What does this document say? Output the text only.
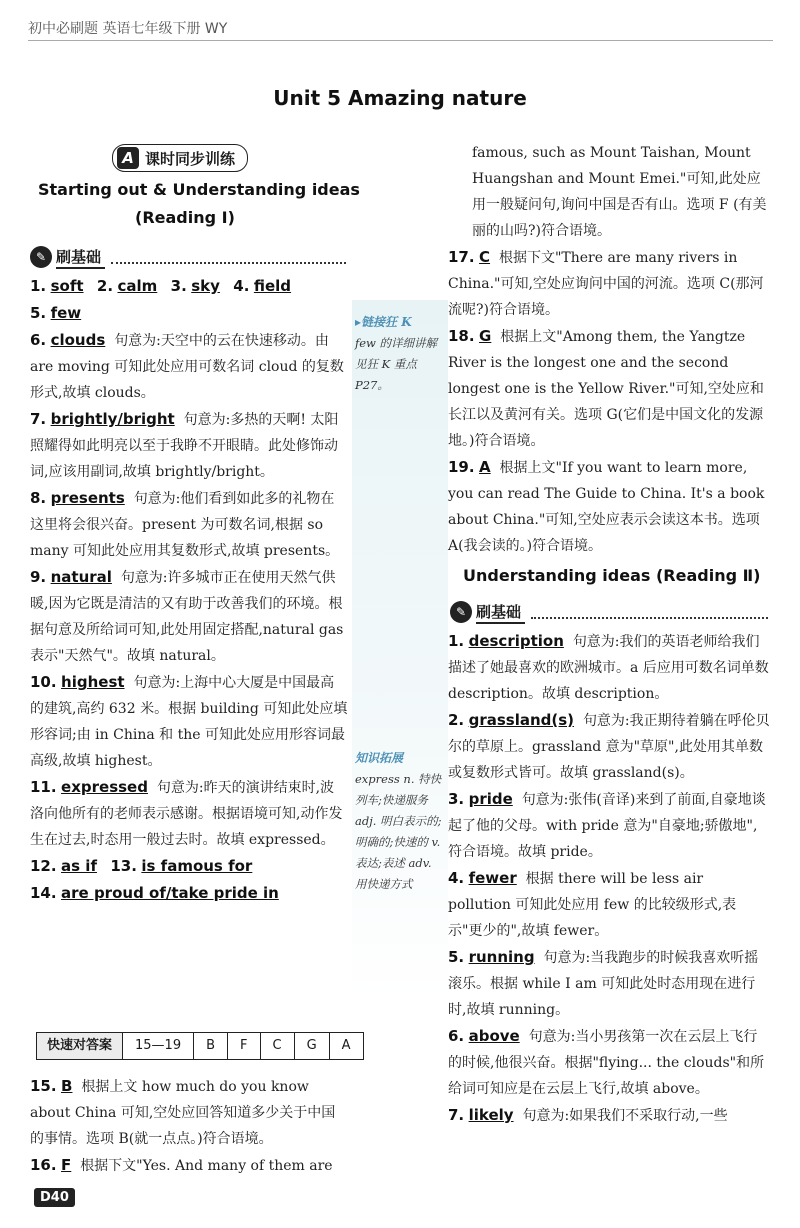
初中必刷题 英语七年级下册 WY
Unit 5 Amazing nature
A 课时同步训练
Starting out & Understanding ideas
(Reading Ⅰ)
✎ 刷基础

1. soft 2. calm 3. sky 4. field

5. few

6. clouds 句意为:天空中的云在快速移动。由 are moving 可知此处应用可数名词 cloud 的复数形式,故填 clouds。

7. brightly/bright 句意为:多热的天啊! 太阳照耀得如此明亮以至于我睁不开眼睛。此处修饰动词,应该用副词,故填 brightly/bright。

8. presents 句意为:他们看到如此多的礼物在这里将会很兴奋。present 为可数名词,根据 so many 可知此处应用其复数形式,故填 presents。

9. natural 句意为:许多城市正在使用天然气供暖,因为它既是清洁的又有助于改善我们的环境。根据句意及所给词可知,此处用固定搭配,natural gas 表示"天然气"。故填 natural。

10. highest 句意为:上海中心大厦是中国最高的建筑,高约 632 米。根据 building 可知此处应填形容词;由 in China 和 the 可知此处应用形容词最高级,故填 highest。

11. expressed 句意为:昨天的演讲结束时,波洛向他所有的老师表示感谢。根据语境可知,动作发生在过去,时态用一般过去时。故填 expressed。

12. as if 13. is famous for

14. are proud of/take pride in

快速对答案	15—19	B	F	C	G	A

15. B 根据上文 how much do you know about China 可知,空处应回答知道多少关于中国的事情。选项 B(就一点点。)符合语境。

16. F 根据下文"Yes. And many of them are

▸链接狂 K
few 的详细讲解见狂 K 重点 P27。
知识拓展
express n. 特快列车;快递服务 adj. 明白表示的;明确的;快速的 v. 表达;表述 adv. 用快递方式

famous, such as Mount Taishan, Mount Huangshan and Mount Emei."可知,此处应用一般疑问句,询问中国是否有山。选项 F (有美丽的山吗?)符合语境。

17. C 根据下文"There are many rivers in China."可知,空处应询问中国的河流。选项 C(那河流呢?)符合语境。

18. G 根据上文"Among them, the Yangtze River is the longest one and the second longest one is the Yellow River."可知,空处应和长江以及黄河有关。选项 G(它们是中国文化的发源地。)符合语境。

19. A 根据上文"If you want to learn more, you can read The Guide to China. It's a book about China."可知,空处应表示会读这本书。选项 A(我会读的。)符合语境。

Understanding ideas (Reading Ⅱ)
✎ 刷基础

1. description 句意为:我们的英语老师给我们描述了她最喜欢的欧洲城市。a 后应用可数名词单数 description。故填 description。

2. grassland(s) 句意为:我正期待着躺在呼伦贝尔的草原上。grassland 意为"草原",此处用其单数或复数形式皆可。故填 grassland(s)。

3. pride 句意为:张伟(音译)来到了前面,自豪地谈起了他的父母。with pride 意为"自豪地;骄傲地",符合语境。故填 pride。

4. fewer 根据 there will be less air pollution 可知此处应用 few 的比较级形式,表示"更少的",故填 fewer。

5. running 句意为:当我跑步的时候我喜欢听摇滚乐。根据 while I am 可知此处时态用现在进行时,故填 running。

6. above 句意为:当小男孩第一次在云层上飞行的时候,他很兴奋。根据"flying... the clouds"和所给词可知应是在云层上飞行,故填 above。

7. likely 句意为:如果我们不采取行动,一些

D40
